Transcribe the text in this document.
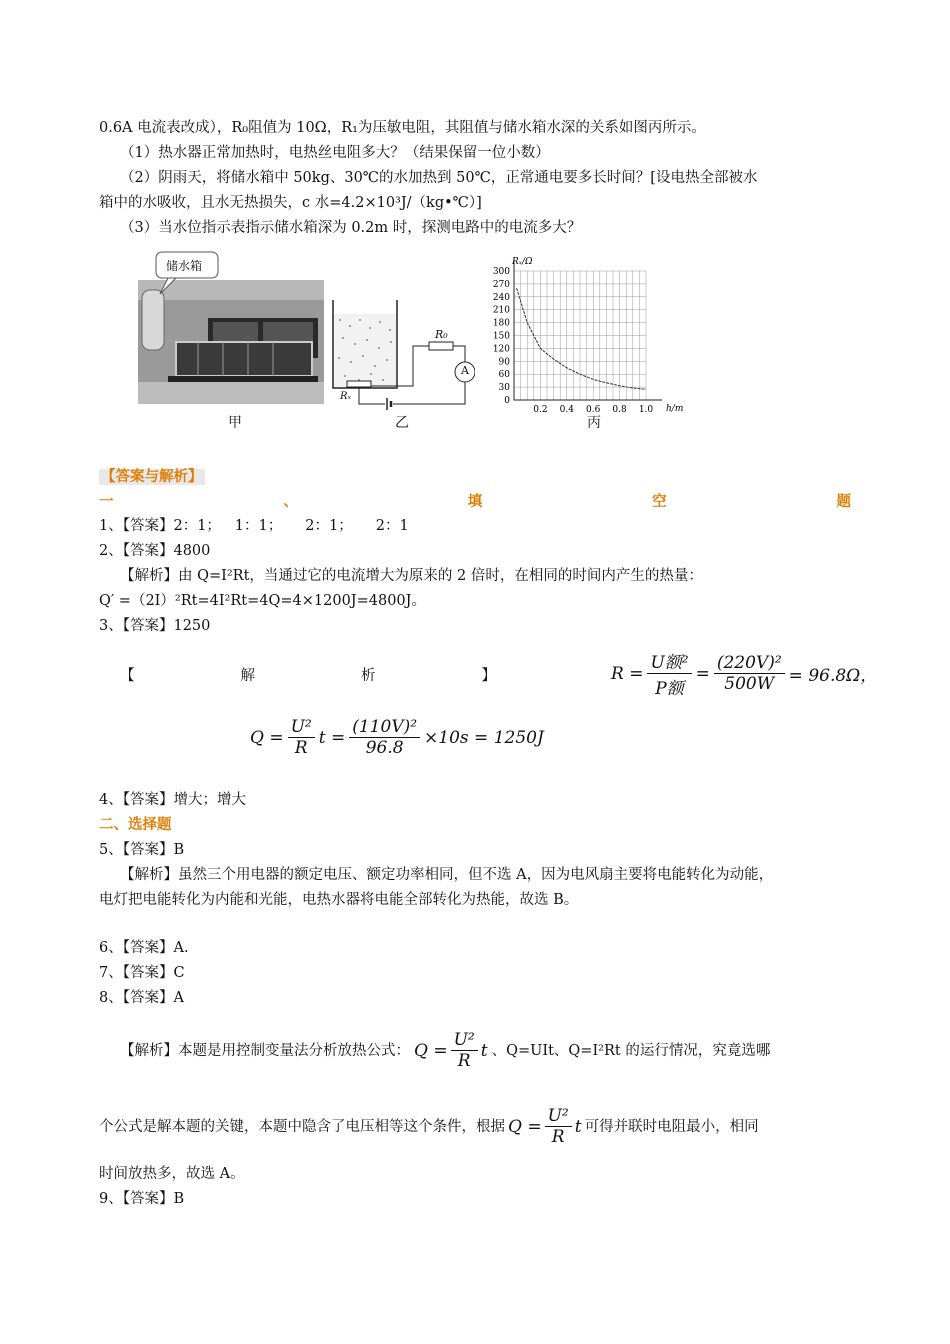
0.6A 电流表改成），R₀阻值为 10Ω，R₁为压敏电阻，其阻值与储水箱水深的关系如图丙所示。
（1）热水器正常加热时，电热丝电阻多大？（结果保留一位小数）
（2）阴雨天，将储水箱中 50kg、30℃的水加热到 50℃，正常通电要多长时间？[设电热全部被水
箱中的水吸收，且水无热损失，c 水=4.2×10³J/（kg•℃）]
（3）当水位指示表指示储水箱深为 0.2m 时，探测电路中的电流多大？
储水箱
R₀
A
Rₓ
300
270
240
210
180
150
120
90
60
30
0
0.2 0.4 0.6 0.8 1.0
Rₓ/Ω
h/m
甲	乙	丙
【答案与解析】
一	、	填	空	题
1、【答案】2：1；   1：1；     2：1；     2：1
2、【答案】4800
【解析】由 Q=I²Rt，当通过它的电流增大为原来的 2 倍时，在相同的时间内产生的热量：
Q′ =（2I）²Rt=4I²Rt=4Q=4×1200J=4800J。
3、【答案】1250
【	解	析	】	$R = \frac{\text{U额²}}{\text{P额}} = \frac{\text{(220V)²}}{500W} = 96.8\Omega$，
$Q = \frac{\text{U²}}{R}$ $t = \frac{\text{(110V)²}}{96.8} \times 10s = 1250J$
4、【答案】增大；增大
二、选择题
5、【答案】B
【解析】虽然三个用电器的额定电压、额定功率相同，但不选 A，因为电风扇主要将电能转化为动能，
电灯把电能转化为内能和光能，电热水器将电能全部转化为热能，故选 B。
6、【答案】A.
7、【答案】C
8、【答案】A
【解析】本题是用控制变量法分析放热公式： $Q = \frac{\text{U²}}{R}$ t 、Q=UIt、Q=I²Rt 的运行情况，究竟选哪
个公式是解本题的关键，本题中隐含了电压相等这个条件，根据 $Q = \frac{\text{U²}}{R}$ t 可得并联时电阻最小，相同
时间放热多，故选 A。
9、【答案】B
